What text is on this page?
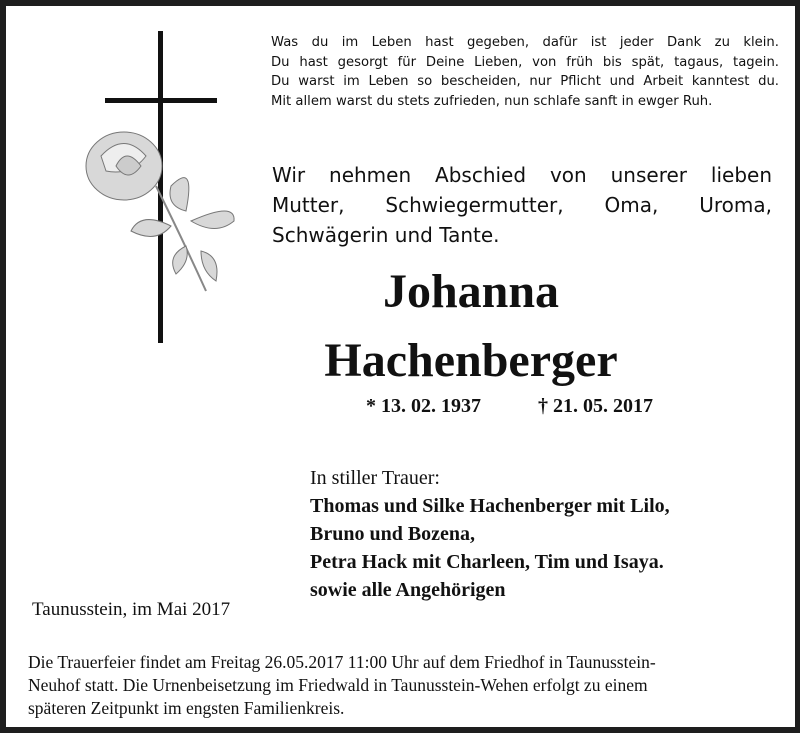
Was du im Leben hast gegeben, dafür ist jeder Dank zu klein.
Du hast gesorgt für Deine Lieben, von früh bis spät, tagaus, tagein.
Du warst im Leben so bescheiden, nur Pflicht und Arbeit kanntest du.
Mit allem warst du stets zufrieden, nun schlafe sanft in ewger Ruh.
Wir nehmen Abschied von unserer lieben
Mutter, Schwiegermutter, Oma, Uroma,
Schwägerin und Tante.
Johanna
Hachenberger
* 13. 02. 1937	† 21. 05. 2017
In stiller Trauer:
Thomas und Silke Hachenberger mit Lilo,
Bruno und Bozena,
Petra Hack mit Charleen, Tim und Isaya.
sowie alle Angehörigen
Taunusstein, im Mai 2017
Die Trauerfeier findet am Freitag 26.05.2017 11:00 Uhr auf dem Friedhof in Taunusstein-
Neuhof statt. Die Urnenbeisetzung im Friedwald in Taunusstein-Wehen erfolgt zu einem
späteren Zeitpunkt im engsten Familienkreis.
